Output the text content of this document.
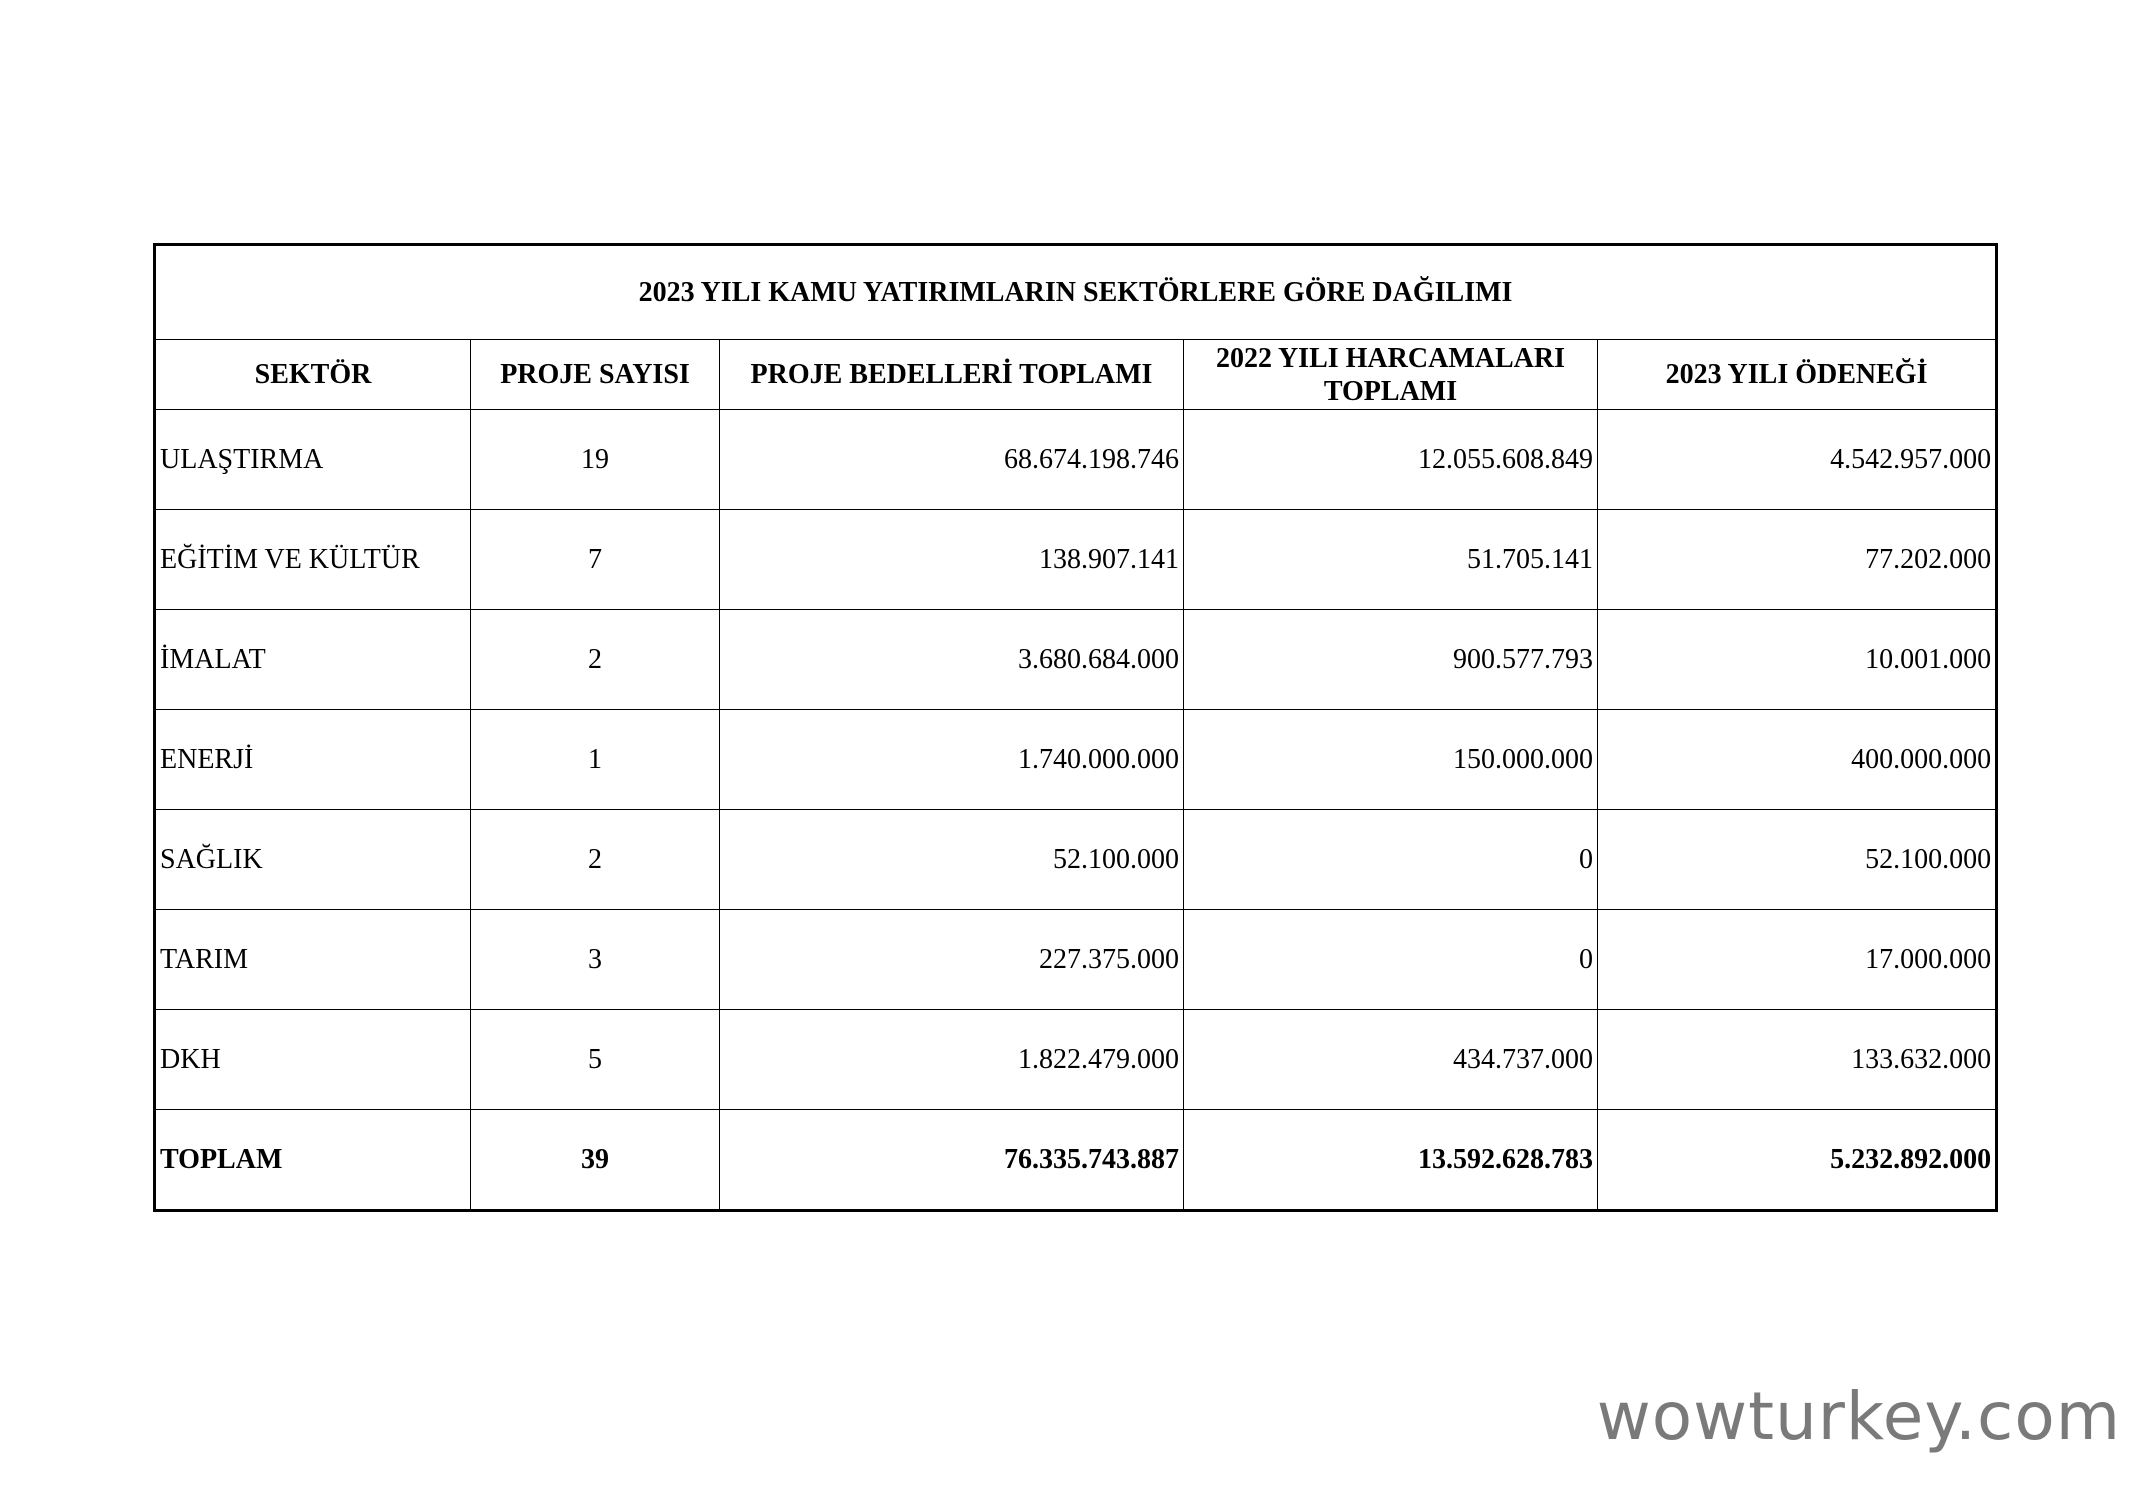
2023 YILI KAMU YATIRIMLARIN SEKTÖRLERE GÖRE DAĞILIMI				
SEKTÖR	PROJE SAYISI	PROJE BEDELLERİ TOPLAMI	2022 YILI HARCAMALARI TOPLAMI	2023 YILI ÖDENEĞİ
ULAŞTIRMA	19	68.674.198.746	12.055.608.849	4.542.957.000
EĞİTİM VE KÜLTÜR	7	138.907.141	51.705.141	77.202.000
İMALAT	2	3.680.684.000	900.577.793	10.001.000
ENERJİ	1	1.740.000.000	150.000.000	400.000.000
SAĞLIK	2	52.100.000	0	52.100.000
TARIM	3	227.375.000	0	17.000.000
DKH	5	1.822.479.000	434.737.000	133.632.000
TOPLAM	39	76.335.743.887	13.592.628.783	5.232.892.000
wowturkey.com
